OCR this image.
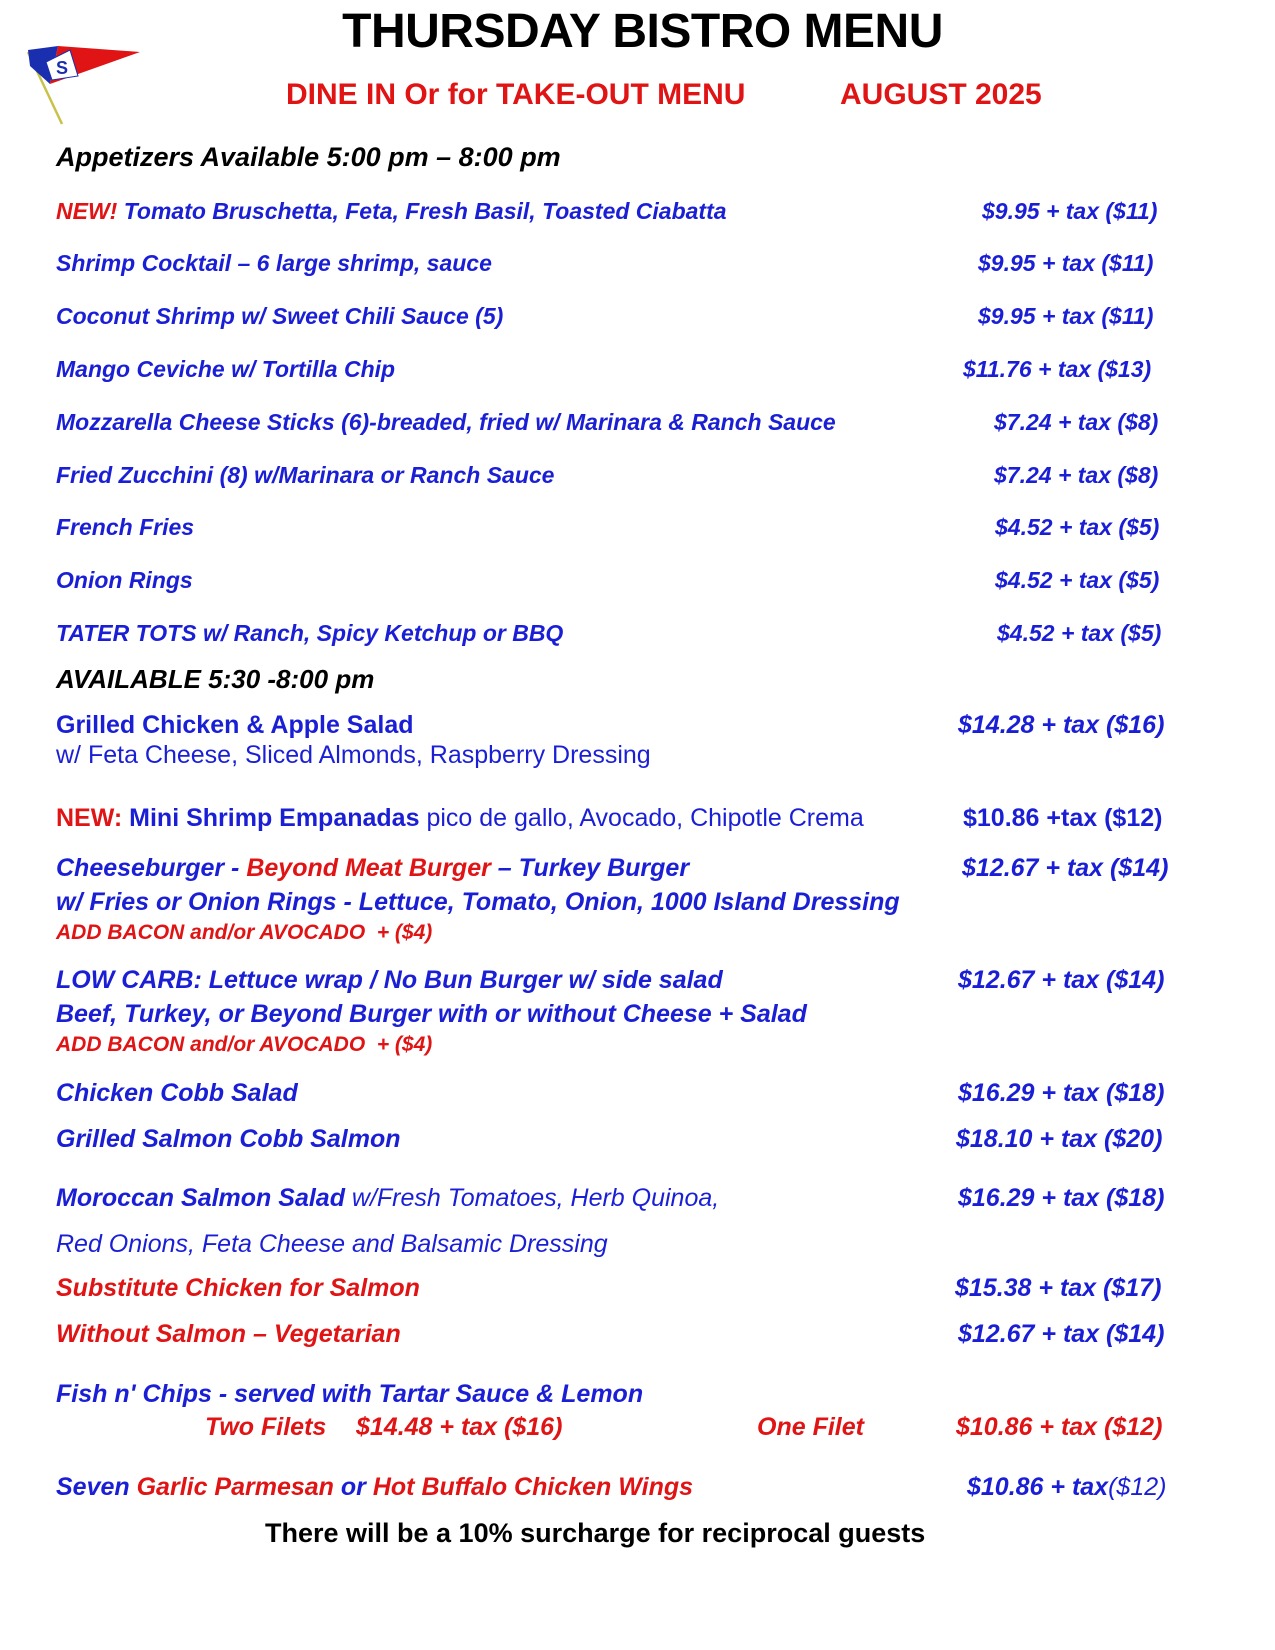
S
THURSDAY BISTRO MENU
DINE IN Or for TAKE-OUT MENU	AUGUST 2025
Appetizers Available 5:00 pm – 8:00 pm
NEW! Tomato Bruschetta, Feta, Fresh Basil, Toasted Ciabatta	$9.95 + tax ($11)
Shrimp Cocktail – 6 large shrimp, sauce	$9.95 + tax ($11)
Coconut Shrimp w/ Sweet Chili Sauce (5)	$9.95 + tax ($11)
Mango Ceviche w/ Tortilla Chip	$11.76 + tax ($13)
Mozzarella Cheese Sticks (6)-breaded, fried w/ Marinara & Ranch Sauce	$7.24 + tax ($8)
Fried Zucchini (8) w/Marinara or Ranch Sauce	$7.24 + tax ($8)
French Fries	$4.52 + tax ($5)
Onion Rings	$4.52 + tax ($5)
TATER TOTS w/ Ranch, Spicy Ketchup or BBQ	$4.52 + tax ($5)
AVAILABLE 5:30 -8:00 pm
Grilled Chicken & Apple Salad
w/ Feta Cheese, Sliced Almonds, Raspberry Dressing
$14.28 + tax ($16)
NEW: Mini Shrimp Empanadas pico de gallo, Avocado, Chipotle Crema	$10.86 +tax ($12)
Cheeseburger - Beyond Meat Burger – Turkey Burger	$12.67 + tax ($14)
w/ Fries or Onion Rings - Lettuce, Tomato, Onion, 1000 Island Dressing
ADD BACON and/or AVOCADO  + ($4)
LOW CARB: Lettuce wrap / No Bun Burger w/ side salad	$12.67 + tax ($14)
Beef, Turkey, or Beyond Burger with or without Cheese + Salad
ADD BACON and/or AVOCADO  + ($4)
Chicken Cobb Salad	$16.29 + tax ($18)
Grilled Salmon Cobb Salmon	$18.10 + tax ($20)
Moroccan Salmon Salad w/Fresh Tomatoes, Herb Quinoa,	$16.29 + tax ($18)
Red Onions, Feta Cheese and Balsamic Dressing
Substitute Chicken for Salmon	$15.38 + tax ($17)
Without Salmon – Vegetarian	$12.67 + tax ($14)
Fish n' Chips - served with Tartar Sauce & Lemon
Two Filets $14.48 + tax ($16)	One Filet	$10.86 + tax ($12)
Seven Garlic Parmesan or Hot Buffalo Chicken Wings	$10.86 + tax($12)
There will be a 10% surcharge for reciprocal guests
